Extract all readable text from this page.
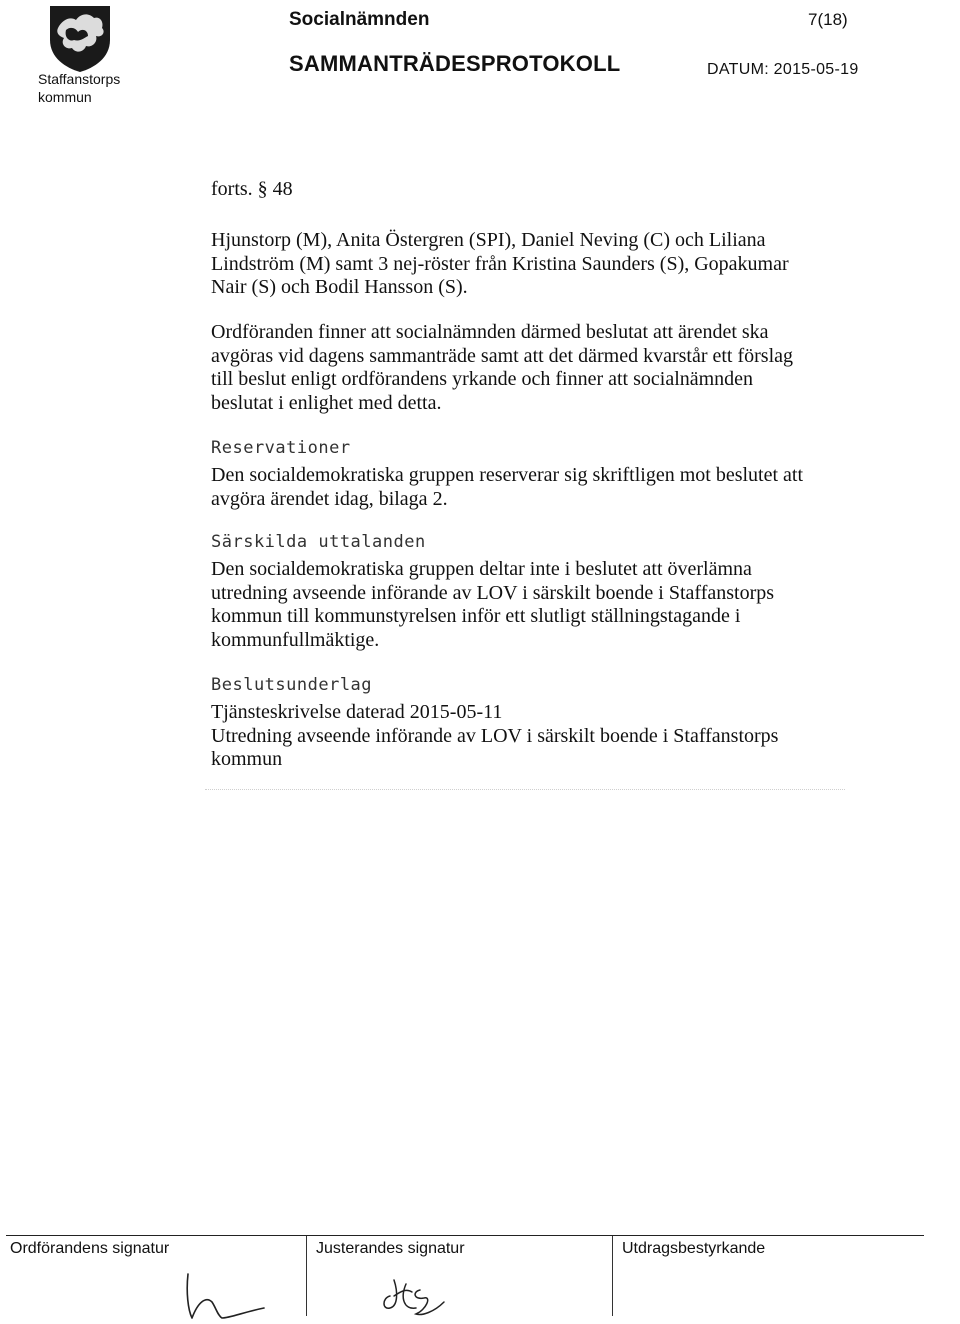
Staffanstorps
kommun
Socialnämnden	7(18)
SAMMANTRÄDESPROTOKOLL	DATUM: 2015-05-19
forts. § 48
Hjunstorp (M), Anita Östergren (SPI), Daniel Neving (C) och Liliana
Lindström (M) samt 3 nej-röster från Kristina Saunders (S), Gopakumar
Nair (S) och Bodil Hansson (S).
Ordföranden finner att socialnämnden därmed beslutat att ärendet ska
avgöras vid dagens sammanträde samt att det därmed kvarstår ett förslag
till beslut enligt ordförandens yrkande och finner att socialnämnden
beslutat i enlighet med detta.
Reservationer
Den socialdemokratiska gruppen reserverar sig skriftligen mot beslutet att
avgöra ärendet idag, bilaga 2.
Särskilda uttalanden
Den socialdemokratiska gruppen deltar inte i beslutet att överlämna
utredning avseende införande av LOV i särskilt boende i Staffanstorps
kommun till kommunstyrelsen inför ett slutligt ställningstagande i
kommunfullmäktige.
Beslutsunderlag
Tjänsteskrivelse daterad 2015-05-11
Utredning avseende införande av LOV i särskilt boende i Staffanstorps
kommun
Ordförandens signatur	Justerandes signatur	Utdragsbestyrkande
